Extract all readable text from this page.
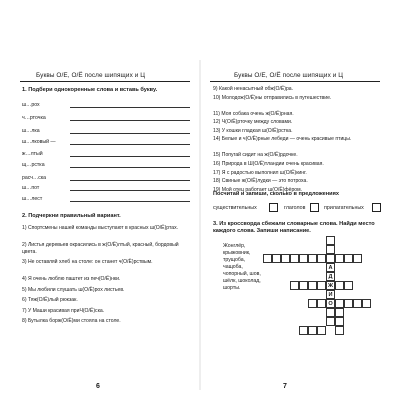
Буквы О/Е, О/Ё после шипящих и Ц
1. Подбери однокоренные слова и вставь букву.
ш…рох
ч…рточка
ш…лка
ш…лковый —
ж…лтый
щ…рстка
расч…ска
ш…пот
ш…лест
2. Подчеркни правильный вариант.
1) Спортсмены нашей команды выступают в красных ш(О/Ё)ртах.
2) Листья деревьев окрасились в ж(О/Ё)лтый, красный, бордовый цвета.
3) Не оставляй хлеб на столе: он станет ч(О/Ё)рствым.
4) Я очень люблю паштет из печ(О/Ё)нки.
5) Мы любили слушать ш(О/Ё)рох листьев.
6) Тяж(О/Ё)лый рюкзак.
7) У Маши красивая приЧ(О/Ё)ска.
8) Бутылка борж(О/Ё)ми стояла на столе.
6
Буквы О/Е, О/Ё после шипящих и Ц
9) Какой ненасытный обж(О/Ё)ра.
10) Молодож(О/Ё)ны отправились в путешествие.
11) Моя собака очень ж(О/Ё)рная.
12) Ч(О/Ё)рточку между словами.
13) У кошки гладкая ш(О/Ё)рстка.
14) Белые и ч(О/Ё)рные лебеди — очень красивые птицы.
15) Попугай сидит на ж(О/Ё)рдочке.
16) Природа в Ш(О/Ё)тландии очень красивая.
17) Я с радостью выполнил ш(О/Ё)кинг.
18) Свиные ж(О/Ё)лудки — это потроха.
19) Мой отец работает ш(О/Ё)фёром.
Посчитай и запиши, сколько в предложениях
существительных	глаголов	прилагательных
3. Из кроссворда сбежали словарные слова. Найди место каждого слова. Запиши написание.
Жонглёр, крыжовник, трущоба, чащоба, чопорный, шов, шёлк, шоколад, шорты.
А
Д
Ж
И
О
7
